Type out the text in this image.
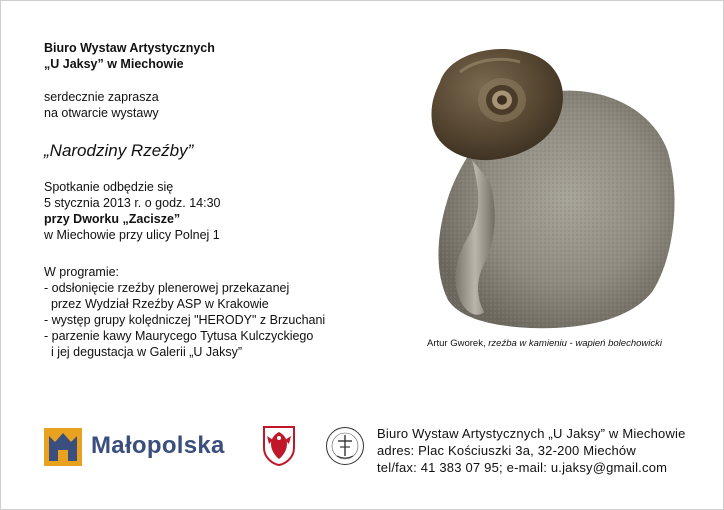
Biuro Wystaw Artystycznych
„U Jaksy” w Miechowie
serdecznie zaprasza
na otwarcie wystawy
„Narodziny Rzeźby”
Spotkanie odbędzie się
5 stycznia 2013 r. o godz. 14:30
przy Dworku „Zacisze”
w Miechowie przy ulicy Polnej 1
W programie:
- odsłonięcie rzeźby plenerowej przekazanej
przez Wydział Rzeźby ASP w Krakowie
- występ grupy kolędniczej "HERODY" z Brzuchani
- parzenie kawy Maurycego Tytusa Kulczyckiego
i jej degustacja w Galerii „U Jaksy”
Artur Gworek, rzeźba w kamieniu - wapień bolechowicki
Małopolska	Biuro Wystaw Artystycznych „U Jaksy” w Miechowie
adres: Plac Kościuszki 3a, 32-200 Miechów
tel/fax: 41 383 07 95; e-mail: u.jaksy@gmail.com
